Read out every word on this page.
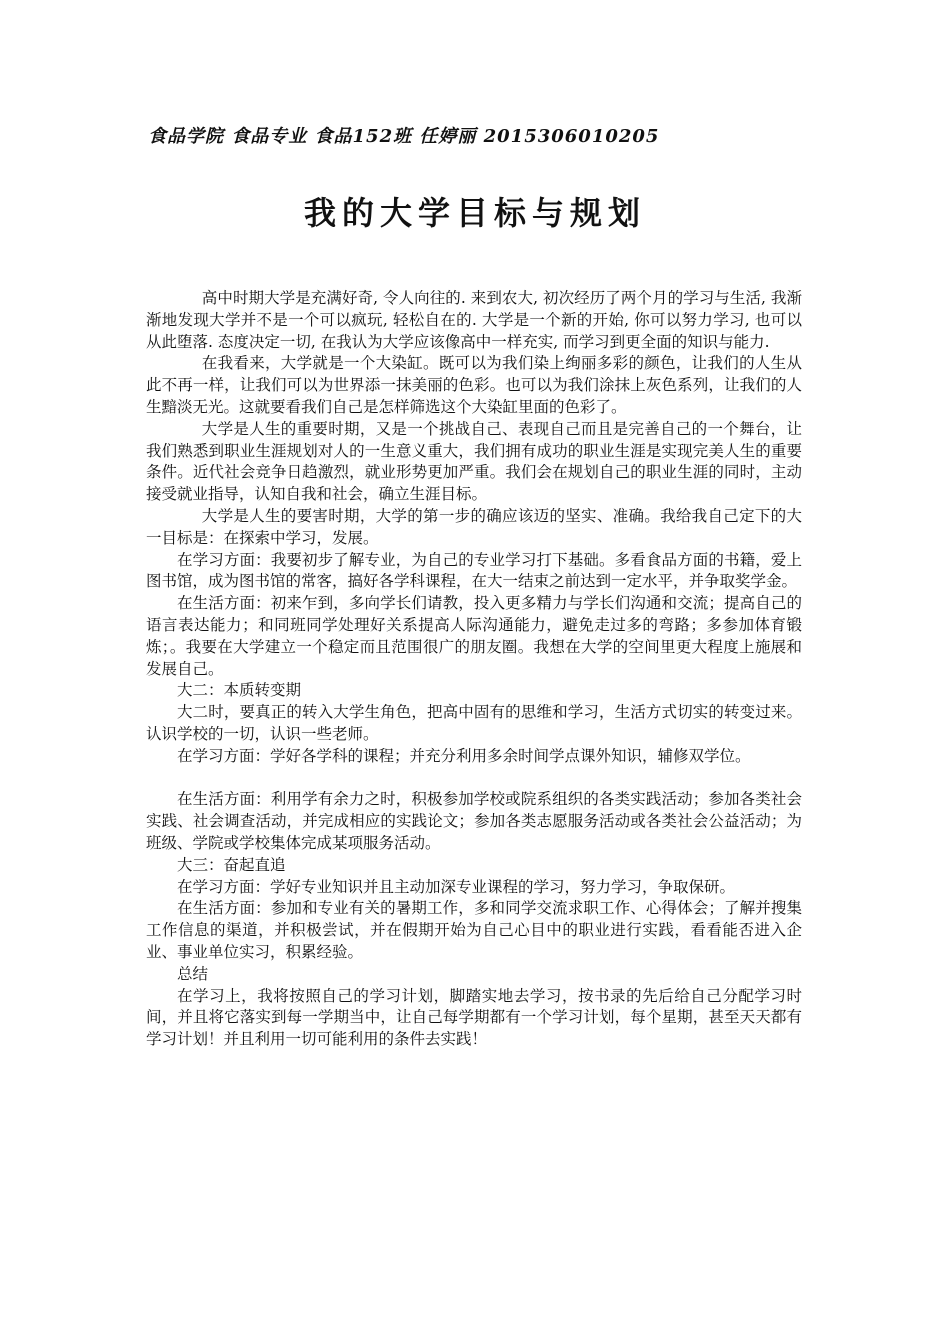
食品学院 食品专业 食品152班 任婷丽 2015306010205
我的大学目标与规划

高中时期大学是充满好奇, 令人向往的. 来到农大, 初次经历了两个月的学习与生活, 我渐渐地发现大学并不是一个可以疯玩, 轻松自在的. 大学是一个新的开始, 你可以努力学习, 也可以从此堕落. 态度决定一切, 在我认为大学应该像高中一样充实, 而学习到更全面的知识与能力.

在我看来，大学就是一个大染缸。既可以为我们染上绚丽多彩的颜色，让我们的人生从此不再一样，让我们可以为世界添一抹美丽的色彩。也可以为我们涂抹上灰色系列，让我们的人生黯淡无光。这就要看我们自己是怎样筛选这个大染缸里面的色彩了。

大学是人生的重要时期，又是一个挑战自己、表现自己而且是完善自己的一个舞台，让我们熟悉到职业生涯规划对人的一生意义重大，我们拥有成功的职业生涯是实现完美人生的重要条件。近代社会竞争日趋激烈，就业形势更加严重。我们会在规划自己的职业生涯的同时，主动接受就业指导，认知自我和社会，确立生涯目标。

大学是人生的要害时期，大学的第一步的确应该迈的坚实、准确。我给我自己定下的大一目标是：在探索中学习，发展。

在学习方面：我要初步了解专业，为自己的专业学习打下基础。多看食品方面的书籍，爱上图书馆，成为图书馆的常客，搞好各学科课程，在大一结束之前达到一定水平，并争取奖学金。

在生活方面：初来乍到，多向学长们请教，投入更多精力与学长们沟通和交流；提高自己的语言表达能力；和同班同学处理好关系提高人际沟通能力，避免走过多的弯路；多参加体育锻炼；。我要在大学建立一个稳定而且范围很广的朋友圈。我想在大学的空间里更大程度上施展和发展自己。

大二：本质转变期

大二时，要真正的转入大学生角色，把高中固有的思维和学习，生活方式切实的转变过来。认识学校的一切，认识一些老师。

在学习方面：学好各学科的课程；并充分利用多余时间学点课外知识，辅修双学位。

在生活方面：利用学有余力之时，积极参加学校或院系组织的各类实践活动；参加各类社会实践、社会调查活动，并完成相应的实践论文；参加各类志愿服务活动或各类社会公益活动；为班级、学院或学校集体完成某项服务活动。

大三：奋起直追

在学习方面：学好专业知识并且主动加深专业课程的学习，努力学习，争取保研。

在生活方面：参加和专业有关的暑期工作，多和同学交流求职工作、心得体会；了解并搜集工作信息的渠道，并积极尝试，并在假期开始为自己心目中的职业进行实践，看看能否进入企业、事业单位实习，积累经验。

总结

在学习上，我将按照自己的学习计划，脚踏实地去学习，按书录的先后给自己分配学习时间，并且将它落实到每一学期当中，让自己每学期都有一个学习计划，每个星期，甚至天天都有学习计划！并且利用一切可能利用的条件去实践！
